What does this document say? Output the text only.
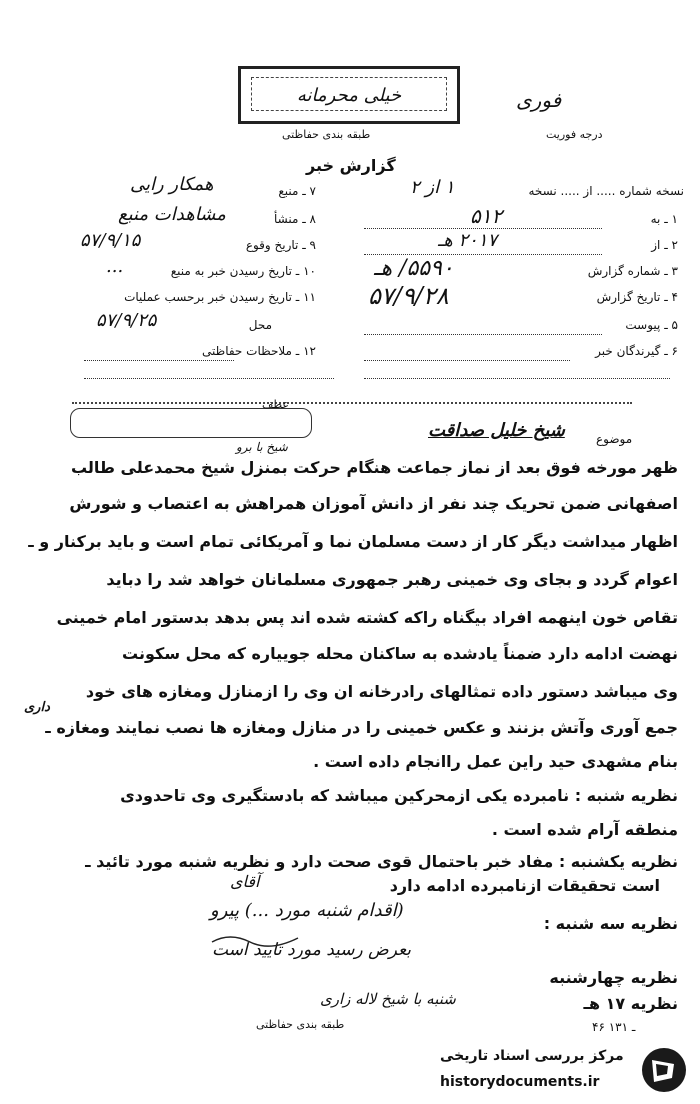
خیلی محرمانه
طبقه بندی حفاظتی
فوری
درجه فوریت
گزارش خبر
نسخه شماره ..... از ..... نسخه
۱ از ۲
۱ ـ به
۵۱۲
۲ ـ از
۲۰۱۷ هـ
۳ ـ شماره گزارش
۵۵۹۰/ هـ
۴ ـ تاریخ گزارش
۵۷/۹/۲۸
۵ ـ پیوست
۶ ـ گیرندگان خبر
۷ ـ منبع
همکار رایی
۸ ـ منشأ
مشاهدات منبع
۹ ـ تاریخ وقوع
۵۷/۹/۱۵
۱۰ ـ تاریخ رسیدن خبر به منبع
...
۱۱ ـ تاریخ رسیدن خبر برحسب عملیات
محل
۵۷/۹/۲۵
۱۲ ـ ملاحظات حفاظتی
عطف
شیخ با برو
موضوع
شیخ خلیل صداقت
ظهر مورخه فوق بعد از نماز جماعت هنگام حرکت بمنزل شیخ محمدعلی طالب
اصفهانی ضمن تحریک چند نفر از دانش آموزان همراهش به اعتصاب و شورش
اظهار میداشت دیگر کار از دست مسلمان نما و آمریکائی تمام است و باید برکنار و ـ
اعوام گردد و بجای وی خمینی رهبر جمهوری مسلمانان خواهد شد را دباید
تقاص خون اینهمه افراد بیگناه راکه کشته شده اند پس بدهد بدستور امام خمینی
نهضت ادامه دارد ضمناً یادشده به ساکنان محله جوییاره که محل سکونت
وی میباشد دستور داده تمثالهای رادرخانه ان وی را ازمنازل ومغازه های خود
داری
جمع آوری وآتش بزنند و عکس خمینی را در منازل ومغازه ها نصب نمایند ومغازه ـ
بنام مشهدی حید راین عمل راانجام داده است .
نظریه شنبه : نامبرده یکی ازمحرکین میباشد که بادستگیری وی تاحدودی
منطقه آرام شده است .
نظریه یکشنبه : مفاد خبر باحتمال قوی صحت دارد و نظریه شنبه مورد تائید ـ
است تحقیقات ازنامبرده ادامه دارد
نظریه سه شنبه :
نظریه چهارشنبه
نظریه ۱۷ هـ
آقای
(اقدام شنبه مورد ...) پیرو
بعرض رسید مورد تایید است
شنبه با شیخ لاله زاری
طبقه بندی حفاظتی	۴۶ ـ ۱۳۱
مرکز بررسی اسناد تاریخی
historydocuments.ir
